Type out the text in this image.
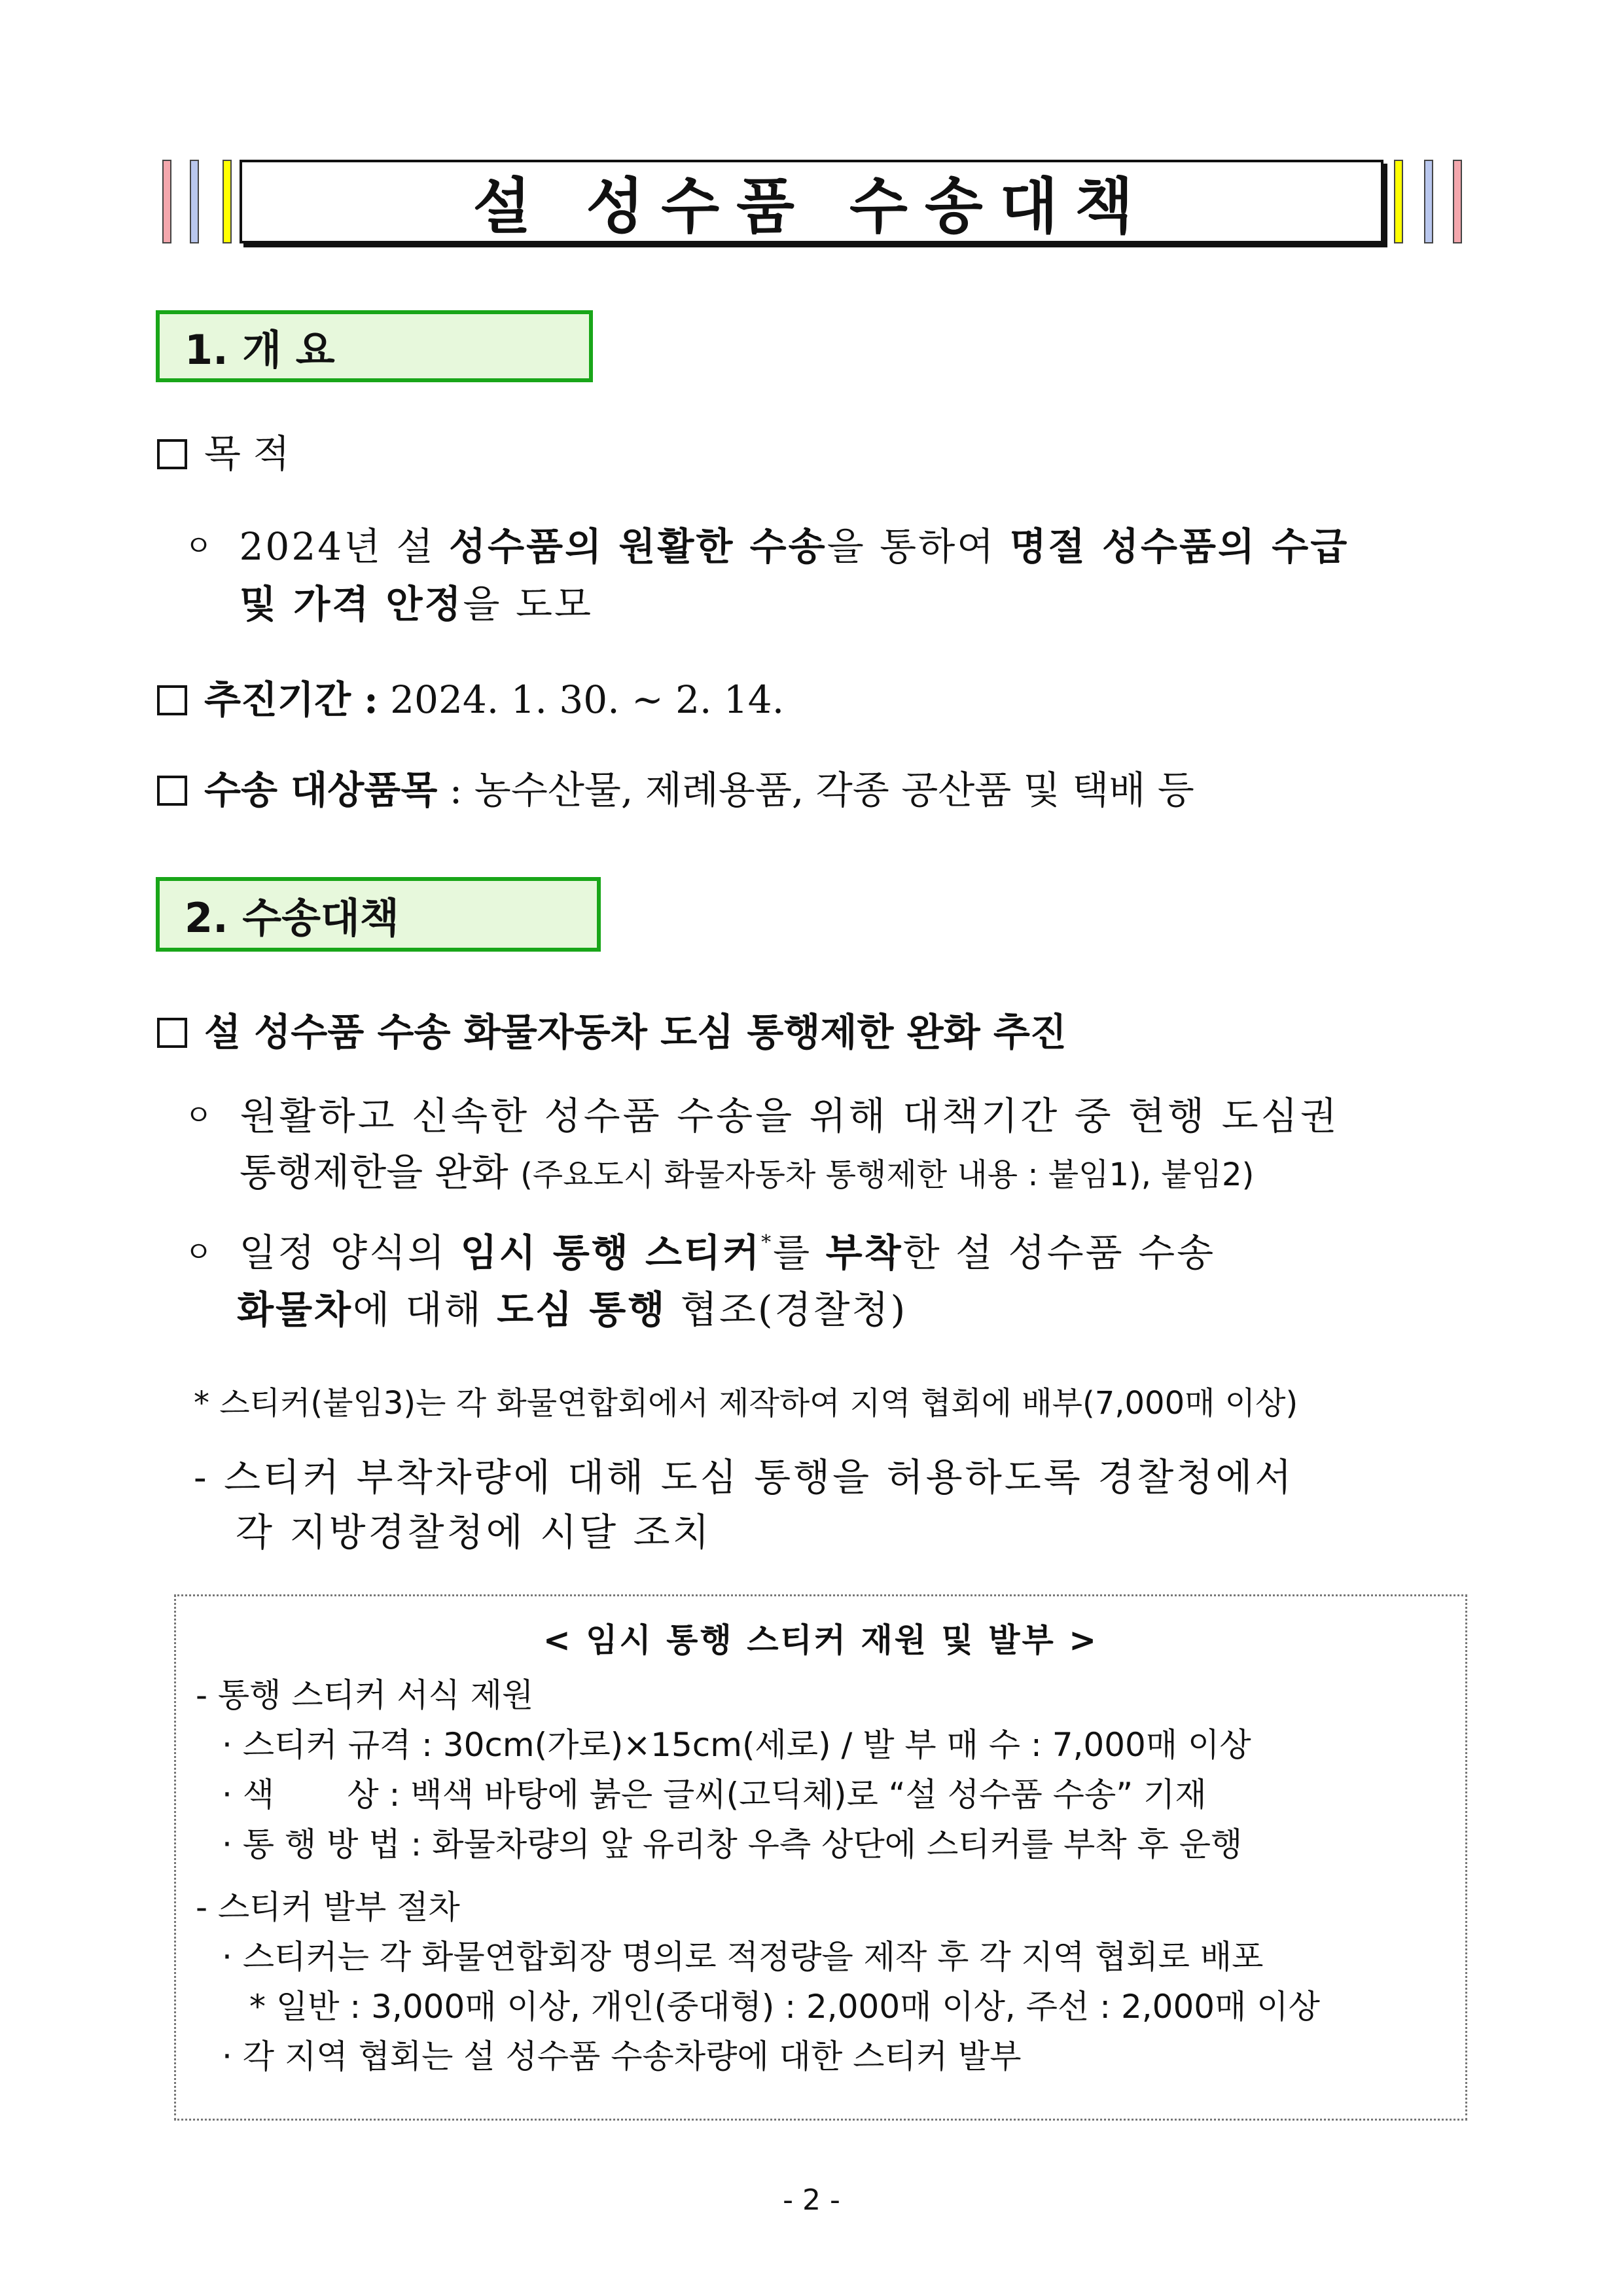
설 성수품 수송대책
1. 개 요
목 적
ㅇ 2024년 설 성수품의 원활한 수송을 통하여 명절 성수품의 수급
및 가격 안정을 도모
추진기간 : 2024. 1. 30. ~ 2. 14.
수송 대상품목 : 농수산물, 제례용품, 각종 공산품 및 택배 등
2. 수송대책
설 성수품 수송 화물자동차 도심 통행제한 완화 추진
ㅇ 원활하고 신속한 성수품 수송을 위해 대책기간 중 현행 도심권
통행제한을 완화 (주요도시 화물자동차 통행제한 내용 : 붙임1), 붙임2)
ㅇ 일정 양식의 임시 통행 스티커*를 부착한 설 성수품 수송
화물차에 대해 도심 통행 협조(경찰청)
* 스티커(붙임3)는 각 화물연합회에서 제작하여 지역 협회에 배부(7,000매 이상)
- 스티커 부착차량에 대해 도심 통행을 허용하도록 경찰청에서
각 지방경찰청에 시달 조치
< 임시 통행 스티커 재원 및 발부 >
- 통행 스티커 서식 제원
· 스티커 규격 : 30cm(가로)×15cm(세로) / 발 부 매 수 : 7,000매 이상
· 색       상 : 백색 바탕에 붉은 글씨(고딕체)로 “설 성수품 수송” 기재
· 통 행 방 법 : 화물차량의 앞 유리창 우측 상단에 스티커를 부착 후 운행
- 스티커 발부 절차
· 스티커는 각 화물연합회장 명의로 적정량을 제작 후 각 지역 협회로 배포
* 일반 : 3,000매 이상, 개인(중대형) : 2,000매 이상, 주선 : 2,000매 이상
· 각 지역 협회는 설 성수품 수송차량에 대한 스티커 발부
- 2 -
